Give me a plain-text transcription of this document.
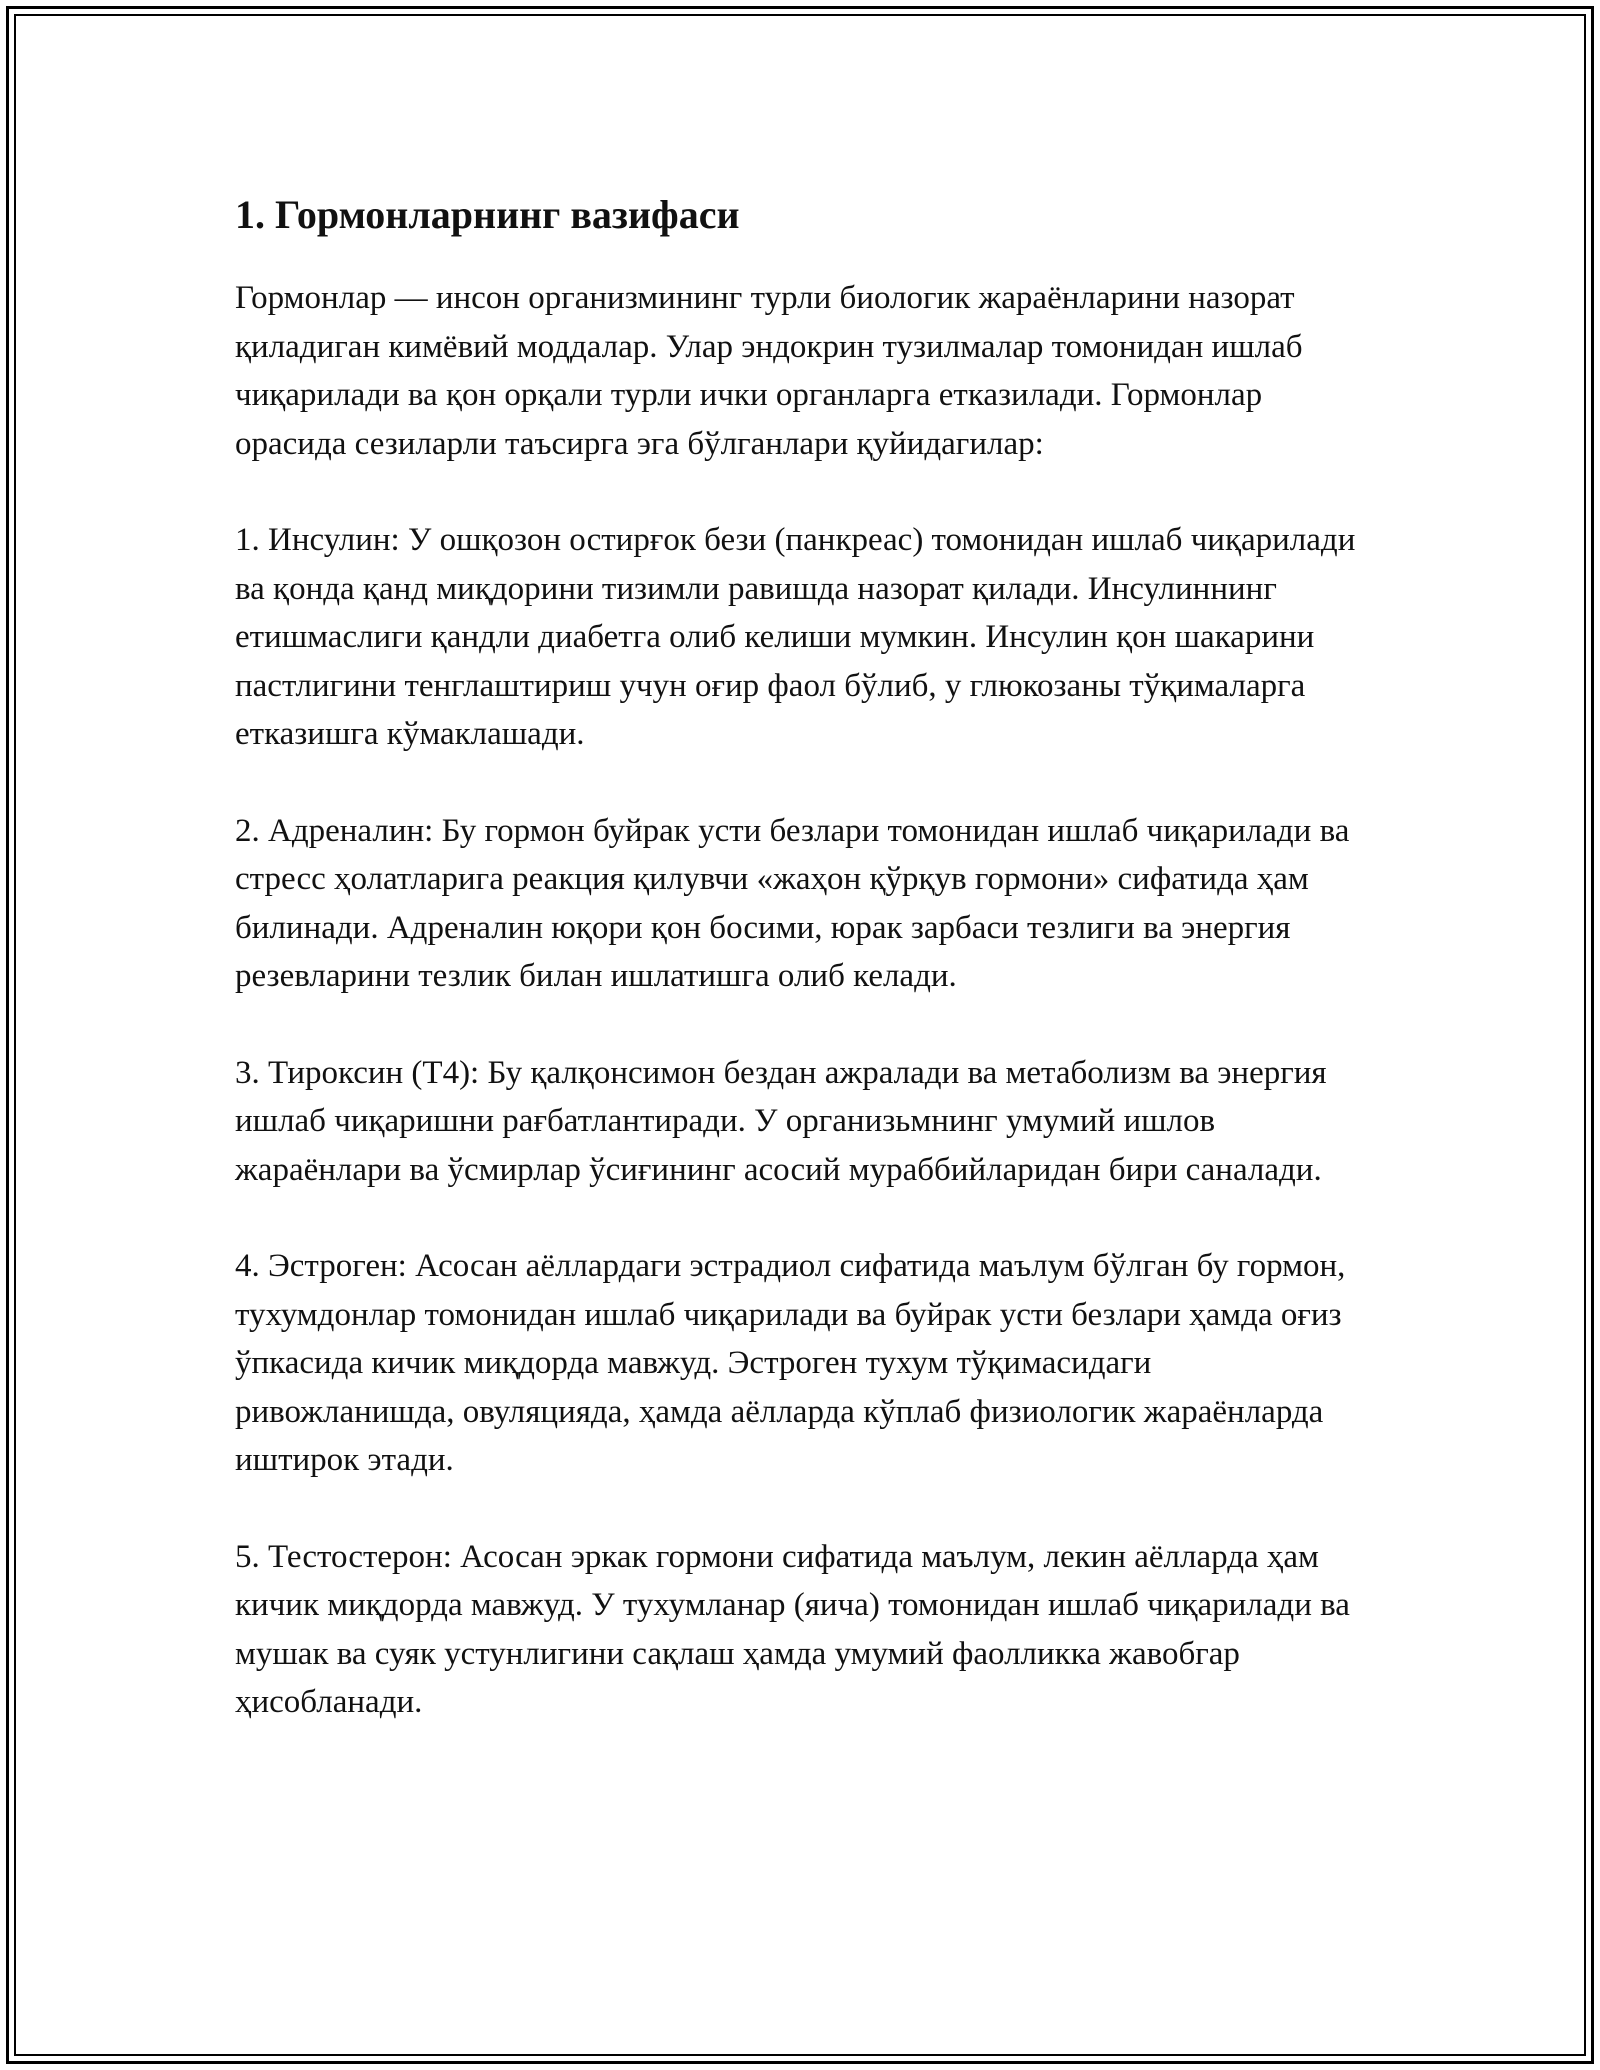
1. Гормонларнинг вазифаси

Гормонлар — инсон организмининг турли биологик жараёнларини назорат қиладиган кимёвий моддалар. Улар эндокрин тузилмалар томонидан ишлаб чиқарилади ва қон орқали турли ички органларга етказилади. Гормонлар орасида сезиларли таъсирга эга бўлганлари қуйидагилар:

1. Инсулин: У ошқозон остирғок бези (панкреас) томонидан ишлаб чиқарилади ва қонда қанд миқдорини тизимли равишда назорат қилади. Инсулиннинг етишмаслиги қандли диабетга олиб келиши мумкин. Инсулин қон шакарини пастлигини тенглаштириш учун оғир фаол бўлиб, у глюкозаны тўқималарга етказишга кўмаклашади.

2. Адреналин: Бу гормон буйрак усти безлари томонидан ишлаб чиқарилади ва стресс ҳолатларига реакция қилувчи «жаҳон қўрқув гормони» сифатида ҳам билинади. Адреналин юқори қон босими, юрак зарбаси тезлиги ва энергия резевларини тезлик билан ишлатишга олиб келади.

3. Тироксин (Т4): Бу қалқонсимон бездан ажралади ва метаболизм ва энергия ишлаб чиқаришни рағбатлантиради. У организьмнинг умумий ишлов жараёнлари ва ўсмирлар ўсиғининг асосий мураббийларидан бири саналади.

4. Эстроген: Асосан аёллардаги эстрадиол сифатида маълум бўлган бу гормон, тухумдонлар томонидан ишлаб чиқарилади ва буйрак усти безлари ҳамда оғиз ўпкасида кичик миқдорда мавжуд. Эстроген тухум тўқимасидаги ривожланишда, овуляцияда, ҳамда аёлларда кўплаб физиологик жараёнларда иштирок этади.

5. Тестостерон: Асосан эркак гормони сифатида маълум, лекин аёлларда ҳам кичик миқдорда мавжуд. У тухумланар (яича) томонидан ишлаб чиқарилади ва мушак ва суяк устунлигини сақлаш ҳамда умумий фаолликка жавобгар ҳисобланади.
